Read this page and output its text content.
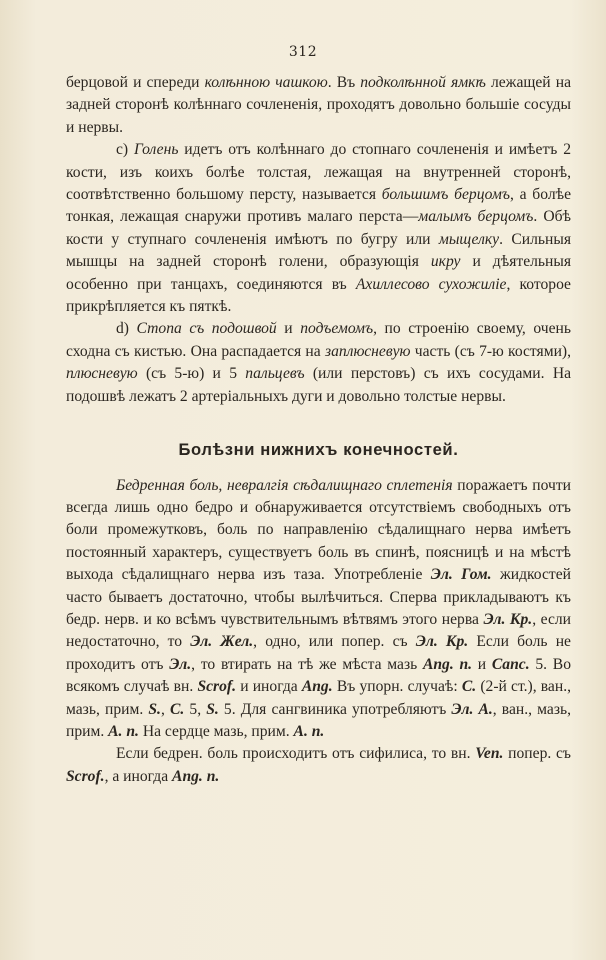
312

берцовой и спереди колѣнною чашкою. Въ подколѣнной ямкѣ лежащей на задней сторонѣ колѣннаго сочлененія, проходятъ довольно большіе сосуды и нервы.

c) Голень идетъ отъ колѣннаго до стопнаго сочлененія и имѣетъ 2 кости, изъ коихъ болѣе толстая, лежащая на внутренней сторонѣ, соотвѣтственно большому персту, называется большимъ берцомъ, а болѣе тонкая, лежащая снаружи противъ малаго перста—малымъ берцомъ. Обѣ кости у ступнаго сочлененія имѣютъ по бугру или мыщелку. Сильныя мышцы на задней сторонѣ голени, образующія икру и дѣятельныя особенно при танцахъ, соединяются въ Ахиллесово сухожиліе, которое прикрѣпляется къ пяткѣ.

d) Стопа съ подошвой и подъемомъ, по строенію своему, очень сходна съ кистью. Она распадается на заплюсневую часть (съ 7-ю костями), плюсневую (съ 5-ю) и 5 пальцевъ (или перстовъ) съ ихъ сосудами. На подошвѣ лежатъ 2 артеріальныхъ дуги и довольно толстые нервы.

Болѣзни нижнихъ конечностей.

Бедренная боль, невралгія сѣдалищнаго сплетенія поражаетъ почти всегда лишь одно бедро и обнаруживается отсутствіемъ свободныхъ отъ боли промежутковъ, боль по направленію сѣдалищнаго нерва имѣетъ постоянный характеръ, существуетъ боль въ спинѣ, поясницѣ и на мѣстѣ выхода сѣдалищнаго нерва изъ таза. Употребленіе Эл. Гом. жидкостей часто бываетъ достаточно, чтобы вылѣчиться. Сперва прикладываютъ къ бедр. нерв. и ко всѣмъ чувствительнымъ вѣтвямъ этого нерва Эл. Кр., если недостаточно, то Эл. Жел., одно, или попер. съ Эл. Кр. Если боль не проходитъ отъ Эл., то втирать на тѣ же мѣста мазь Ang. n. и Canc. 5. Во всякомъ случаѣ вн. Scrof. и иногда Ang. Въ упорн. случаѣ: C. (2-й ст.), ван., мазь, прим. S., C. 5, S. 5. Для сангвиника употребляютъ Эл. А., ван., мазь, прим. А. n. На сердце мазь, прим. А. n.

Если бедрен. боль происходитъ отъ сифилиса, то вн. Ven. попер. съ Scrof., а иногда Ang. n.
